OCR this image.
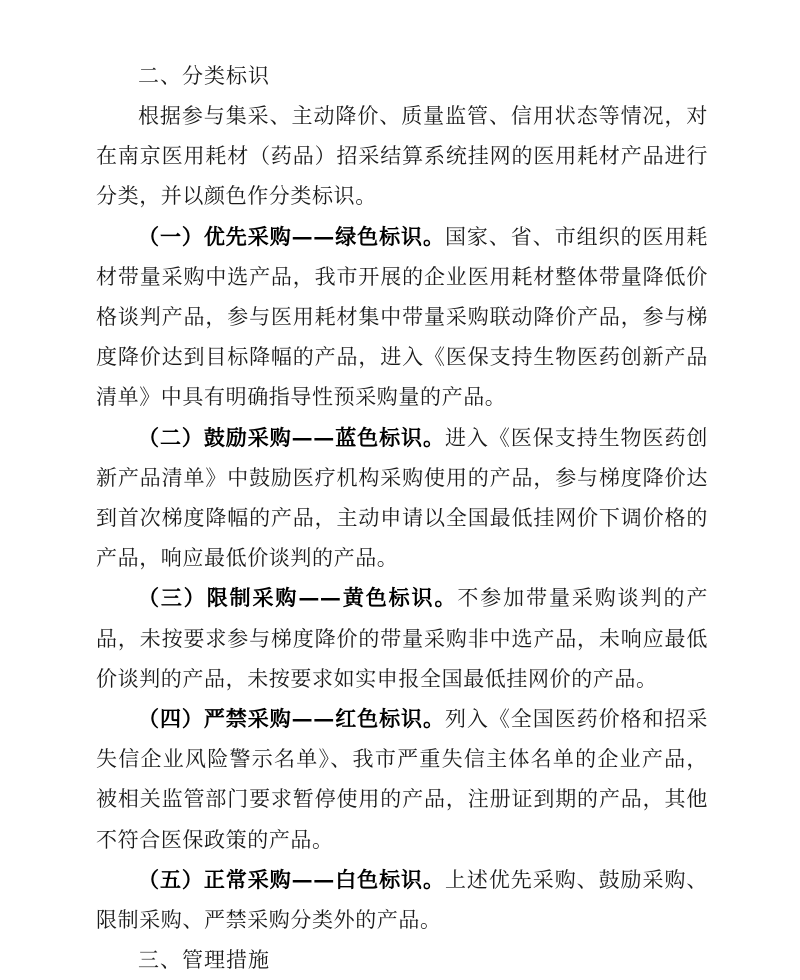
二、分类标识

根据参与集采、主动降价、质量监管、信用状态等情况，对在南京医用耗材（药品）招采结算系统挂网的医用耗材产品进行分类，并以颜色作分类标识。

（一）优先采购——绿色标识。国家、省、市组织的医用耗材带量采购中选产品，我市开展的企业医用耗材整体带量降低价格谈判产品，参与医用耗材集中带量采购联动降价产品，参与梯度降价达到目标降幅的产品，进入《医保支持生物医药创新产品清单》中具有明确指导性预采购量的产品。

（二）鼓励采购——蓝色标识。进入《医保支持生物医药创新产品清单》中鼓励医疗机构采购使用的产品，参与梯度降价达到首次梯度降幅的产品，主动申请以全国最低挂网价下调价格的产品，响应最低价谈判的产品。

（三）限制采购——黄色标识。不参加带量采购谈判的产品，未按要求参与梯度降价的带量采购非中选产品，未响应最低价谈判的产品，未按要求如实申报全国最低挂网价的产品。

（四）严禁采购——红色标识。列入《全国医药价格和招采失信企业风险警示名单》、我市严重失信主体名单的企业产品，被相关监管部门要求暂停使用的产品，注册证到期的产品，其他不符合医保政策的产品。

（五）正常采购——白色标识。上述优先采购、鼓励采购、限制采购、严禁采购分类外的产品。

三、管理措施
